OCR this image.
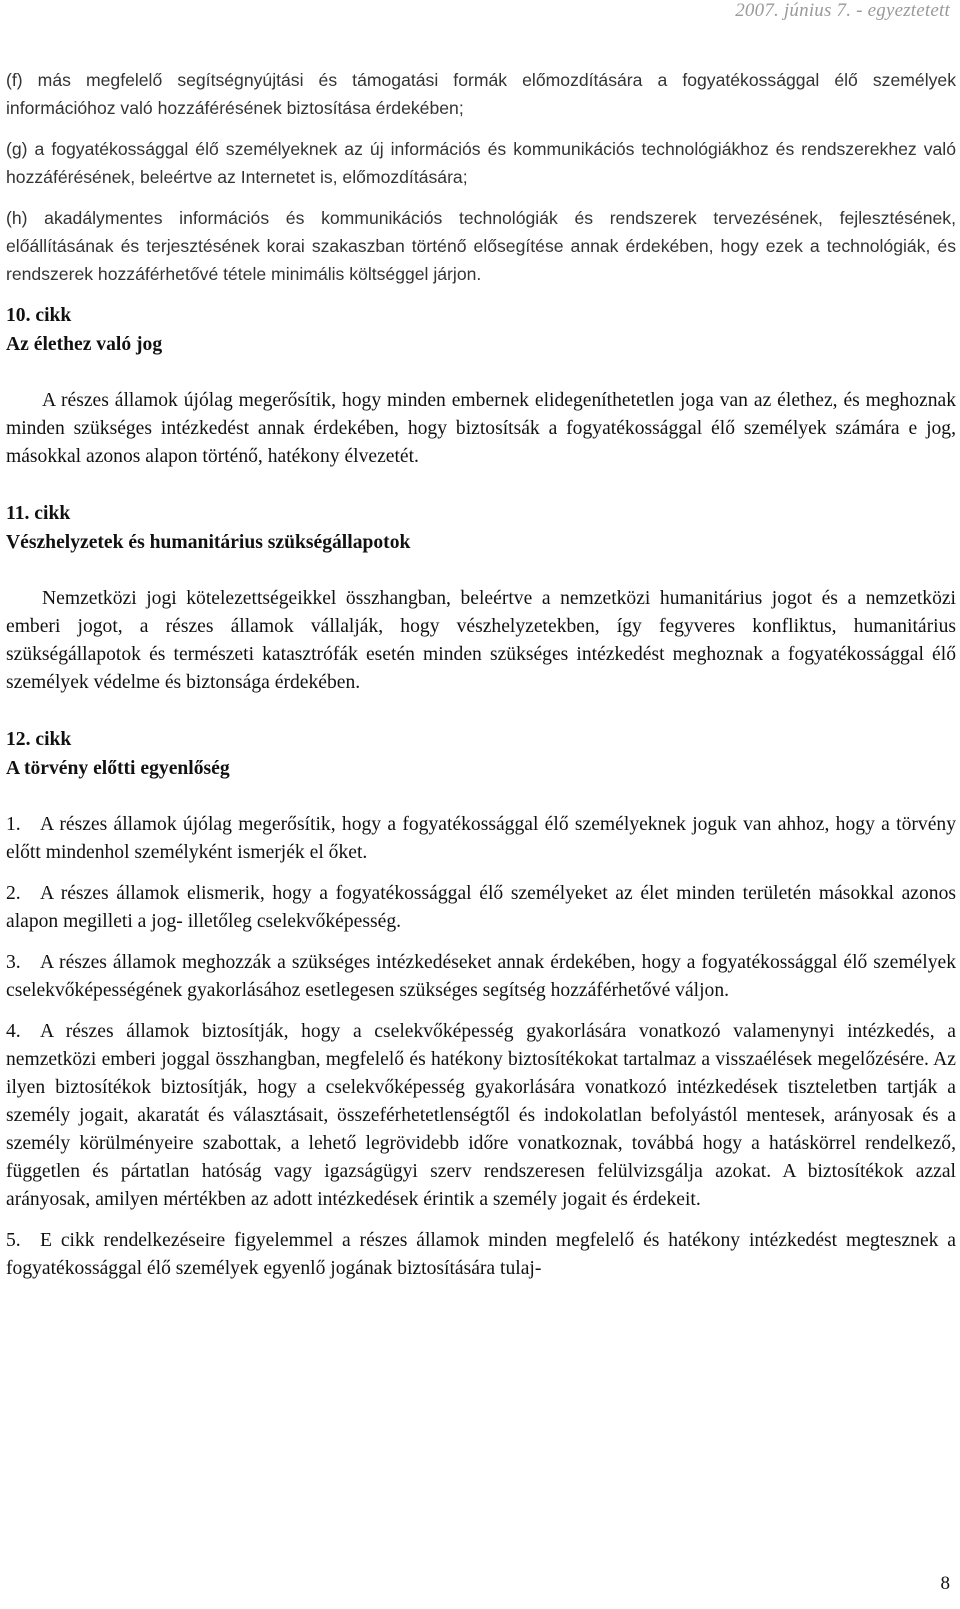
2007. június 7. - egyeztetett

(f) más megfelelő segítségnyújtási és támogatási formák előmozdítására a fogyatékossággal élő személyek információhoz való hozzáférésének biztosítása érdekében;

(g) a fogyatékossággal élő személyeknek az új információs és kommunikációs technológiákhoz és rendszerekhez való hozzáférésének, beleértve az Internetet is, előmozdítására;

(h) akadálymentes információs és kommunikációs technológiák és rendszerek tervezésének, fejlesztésének, előállításának és terjesztésének korai szakaszban történő elősegítése annak érdekében, hogy ezek a technológiák, és rendszerek hozzáférhetővé tétele minimális költséggel járjon.

10. cikk

Az élethez való jog

A részes államok újólag megerősítik, hogy minden embernek elidegeníthetetlen joga van az élethez, és meghoznak minden szükséges intézkedést annak érdekében, hogy biztosítsák a fogyatékossággal élő személyek számára e jog, másokkal azonos alapon történő, hatékony élvezetét.

11. cikk

Vészhelyzetek és humanitárius szükségállapotok

Nemzetközi jogi kötelezettségeikkel összhangban, beleértve a nemzetközi humanitárius jogot és a nemzetközi emberi jogot, a részes államok vállalják, hogy vészhelyzetekben, így fegyveres konfliktus, humanitárius szükségállapotok és természeti katasztrófák esetén minden szükséges intézkedést meghoznak a fogyatékossággal élő személyek védelme és biztonsága érdekében.

12. cikk

A törvény előtti egyenlőség

1. A részes államok újólag megerősítik, hogy a fogyatékossággal élő személyeknek joguk van ahhoz, hogy a törvény előtt mindenhol személyként ismerjék el őket.

2. A részes államok elismerik, hogy a fogyatékossággal élő személyeket az élet minden területén másokkal azonos alapon megilleti a jog- illetőleg cselekvőképesség.

3. A részes államok meghozzák a szükséges intézkedéseket annak érdekében, hogy a fogyatékossággal élő személyek cselekvőképességének gyakorlásához esetlegesen szükséges segítség hozzáférhetővé váljon.

4. A részes államok biztosítják, hogy a cselekvőképesség gyakorlására vonatkozó valamenynyi intézkedés, a nemzetközi emberi joggal összhangban, megfelelő és hatékony biztosítékokat tartalmaz a visszaélések megelőzésére. Az ilyen biztosítékok biztosítják, hogy a cselekvőképesség gyakorlására vonatkozó intézkedések tiszteletben tartják a személy jogait, akaratát és választásait, összeférhetetlenségtől és indokolatlan befolyástól mentesek, arányosak és a személy körülményeire szabottak, a lehető legrövidebb időre vonatkoznak, továbbá hogy a hatáskörrel rendelkező, független és pártatlan hatóság vagy igazságügyi szerv rendszeresen felülvizsgálja azokat. A biztosítékok azzal arányosak, amilyen mértékben az adott intézkedések érintik a személy jogait és érdekeit.

5. E cikk rendelkezéseire figyelemmel a részes államok minden megfelelő és hatékony intézkedést megtesznek a fogyatékossággal élő személyek egyenlő jogának biztosítására tulaj-

8
